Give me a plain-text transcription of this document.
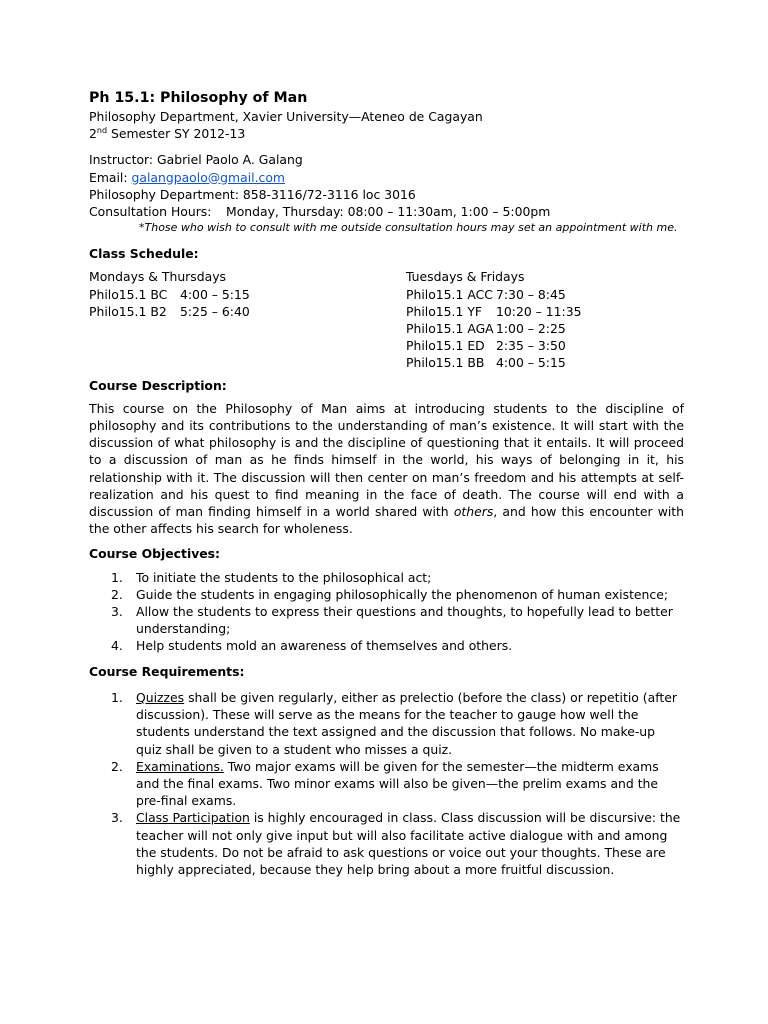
Ph 15.1: Philosophy of Man
Philosophy Department, Xavier University—Ateneo de Cagayan
2nd Semester SY 2012-13
Instructor: Gabriel Paolo A. Galang
Email: galangpaolo@gmail.com
Philosophy Department: 858-3116/72-3116 loc 3016
Consultation Hours:	Monday, Thursday: 08:00 – 11:30am, 1:00 – 5:00pm
*Those who wish to consult with me outside consultation hours may set an appointment with me.
Class Schedule:
Mondays & Thursdays
Philo15.1 BC	4:00 – 5:15
Philo15.1 B2	5:25 – 6:40
Tuesdays & Fridays
Philo15.1 ACC 7:30 – 8:45
Philo15.1 YF	10:20 – 11:35
Philo15.1 AGA 1:00 – 2:25
Philo15.1 ED 2:35 – 3:50
Philo15.1 BB 4:00 – 5:15
Course Description:

This course on the Philosophy of Man aims at introducing students to the discipline of philosophy and its contributions to the understanding of man’s existence. It will start with the discussion of what philosophy is and the discipline of questioning that it entails. It will proceed to a discussion of man as he finds himself in the world, his ways of belonging in it, his relationship with it. The discussion will then center on man’s freedom and his attempts at self-realization and his quest to find meaning in the face of death. The course will end with a discussion of man finding himself in a world shared with others, and how this encounter with the other affects his search for wholeness.

Course Objectives:
1.	To initiate the students to the philosophical act;
2.	Guide the students in engaging philosophically the phenomenon of human existence;
3.	Allow the students to express their questions and thoughts, to hopefully lead to better understanding;
4.	Help students mold an awareness of themselves and others.
Course Requirements:
1.	Quizzes shall be given regularly, either as prelectio (before the class) or repetitio (after discussion). These will serve as the means for the teacher to gauge how well the students understand the text assigned and the discussion that follows. No make-up quiz shall be given to a student who misses a quiz.
2.	Examinations. Two major exams will be given for the semester—the midterm exams and the final exams. Two minor exams will also be given—the prelim exams and the pre-final exams.
3.	Class Participation is highly encouraged in class. Class discussion will be discursive: the teacher will not only give input but will also facilitate active dialogue with and among the students. Do not be afraid to ask questions or voice out your thoughts. These are highly appreciated, because they help bring about a more fruitful discussion.
